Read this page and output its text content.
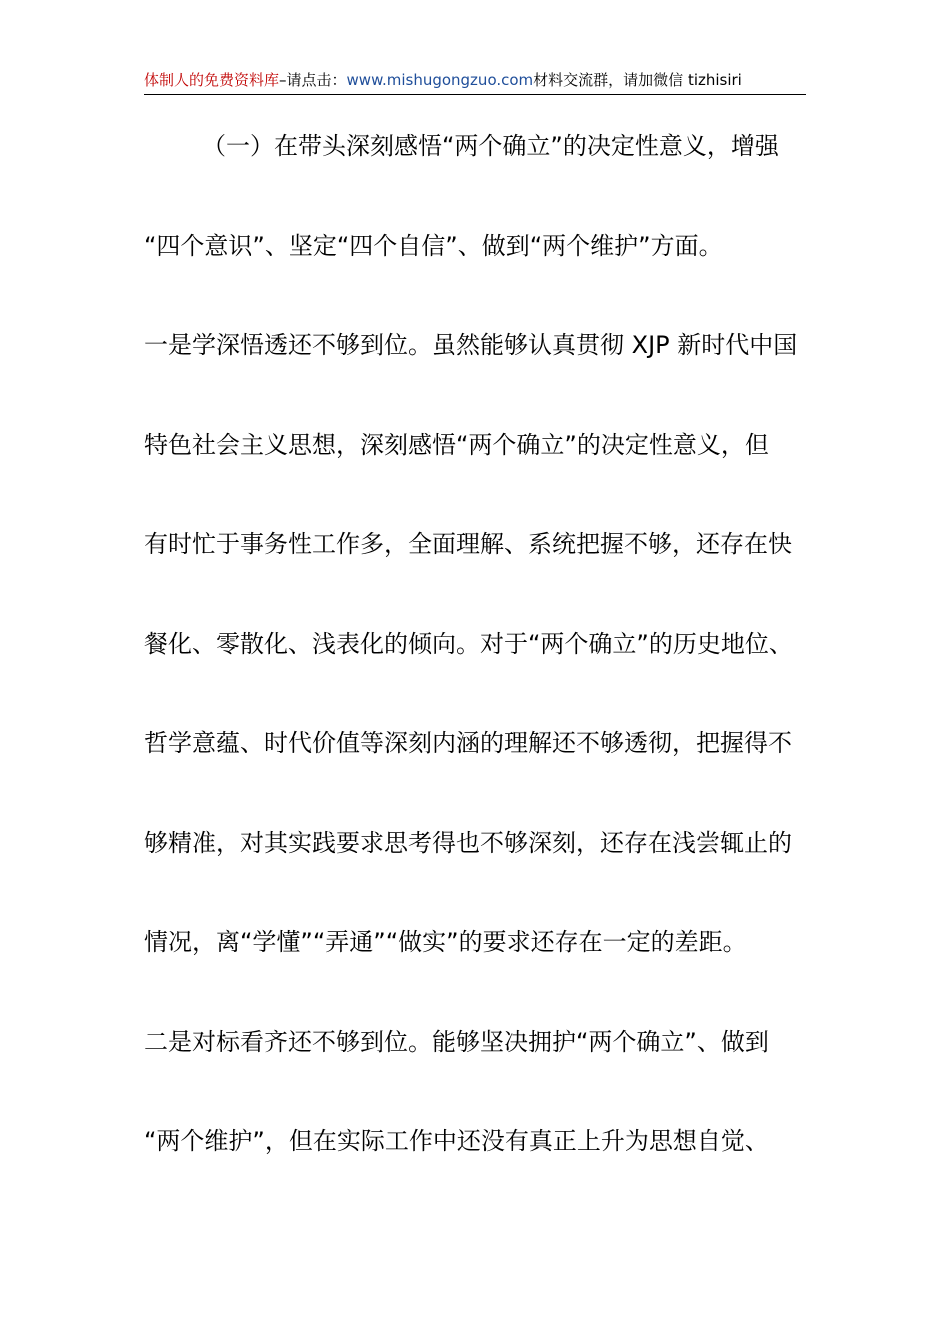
体制人的免费资料库–请点击：www.mishugongzuo.com材料交流群，请加微信 tizhisiri
（一）在带头深刻感悟“两个确立”的决定性意义，增强
“四个意识”、坚定“四个自信”、做到“两个维护”方面。
一是学深悟透还不够到位。虽然能够认真贯彻 XJP 新时代中国
特色社会主义思想，深刻感悟“两个确立”的决定性意义，但
有时忙于事务性工作多，全面理解、系统把握不够，还存在快
餐化、零散化、浅表化的倾向。对于“两个确立”的历史地位、
哲学意蕴、时代价值等深刻内涵的理解还不够透彻，把握得不
够精准，对其实践要求思考得也不够深刻，还存在浅尝辄止的
情况，离“学懂”“弄通”“做实”的要求还存在一定的差距。
二是对标看齐还不够到位。能够坚决拥护“两个确立”、做到
“两个维护”，但在实际工作中还没有真正上升为思想自觉、
